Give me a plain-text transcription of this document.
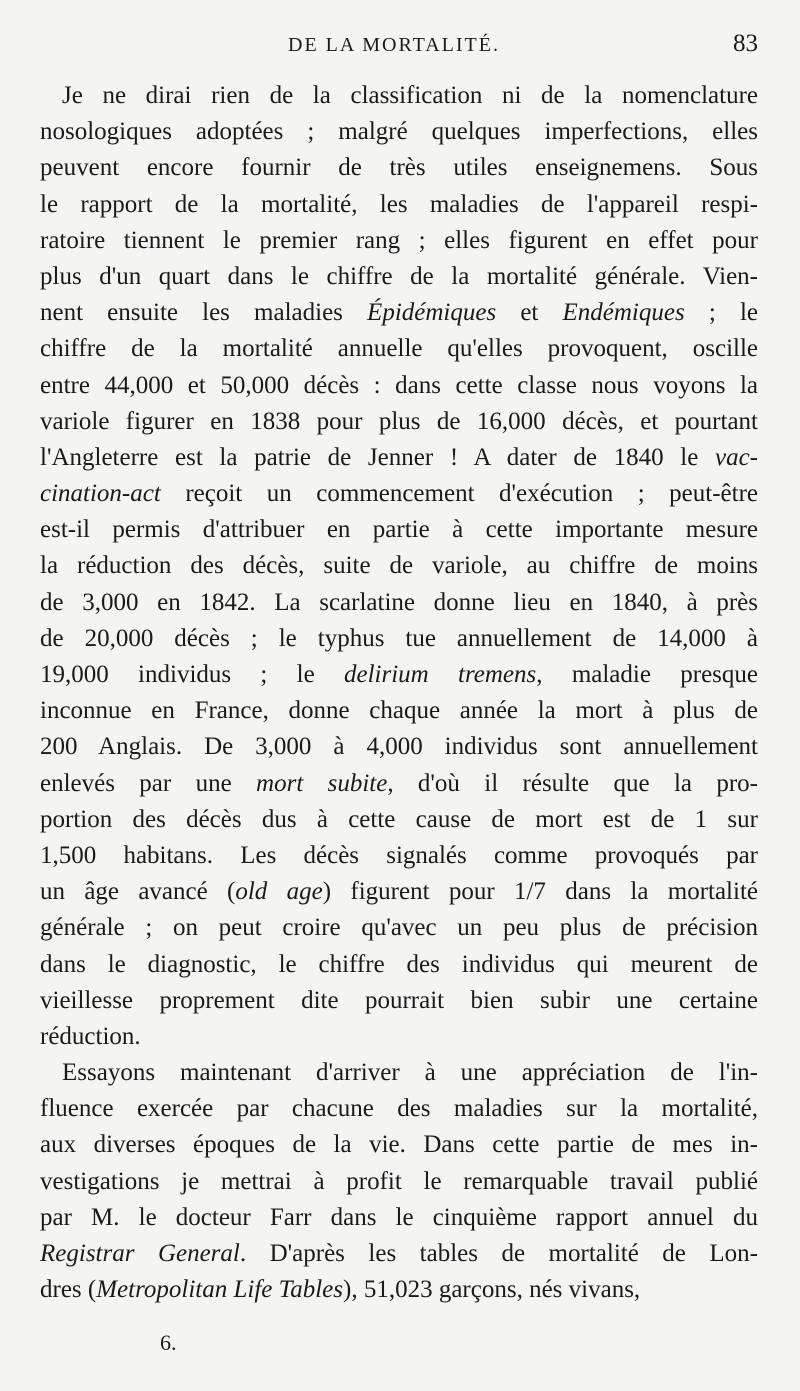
DE LA MORTALITÉ.	83
Je ne dirai rien de la classification ni de la nomenclature
nosologiques adoptées ; malgré quelques imperfections, elles
peuvent encore fournir de très utiles enseignemens. Sous
le rapport de la mortalité, les maladies de l'appareil respi-
ratoire tiennent le premier rang ; elles figurent en effet pour
plus d'un quart dans le chiffre de la mortalité générale. Vien-
nent ensuite les maladies Épidémiques et Endémiques ; le
chiffre de la mortalité annuelle qu'elles provoquent, oscille
entre 44,000 et 50,000 décès : dans cette classe nous voyons la
variole figurer en 1838 pour plus de 16,000 décès, et pourtant
l'Angleterre est la patrie de Jenner ! A dater de 1840 le vac-
cination-act reçoit un commencement d'exécution ; peut-être
est-il permis d'attribuer en partie à cette importante mesure
la réduction des décès, suite de variole, au chiffre de moins
de 3,000 en 1842. La scarlatine donne lieu en 1840, à près
de 20,000 décès ; le typhus tue annuellement de 14,000 à
19,000 individus ; le delirium tremens, maladie presque
inconnue en France, donne chaque année la mort à plus de
200 Anglais. De 3,000 à 4,000 individus sont annuellement
enlevés par une mort subite, d'où il résulte que la pro-
portion des décès dus à cette cause de mort est de 1 sur
1,500 habitans. Les décès signalés comme provoqués par
un âge avancé (old age) figurent pour 1/7 dans la mortalité
générale ; on peut croire qu'avec un peu plus de précision
dans le diagnostic, le chiffre des individus qui meurent de
vieillesse proprement dite pourrait bien subir une certaine
réduction.
Essayons maintenant d'arriver à une appréciation de l'in-
fluence exercée par chacune des maladies sur la mortalité,
aux diverses époques de la vie. Dans cette partie de mes in-
vestigations je mettrai à profit le remarquable travail publié
par M. le docteur Farr dans le cinquième rapport annuel du
Registrar General. D'après les tables de mortalité de Lon-
dres (Metropolitan Life Tables), 51,023 garçons, nés vivans,
6.
